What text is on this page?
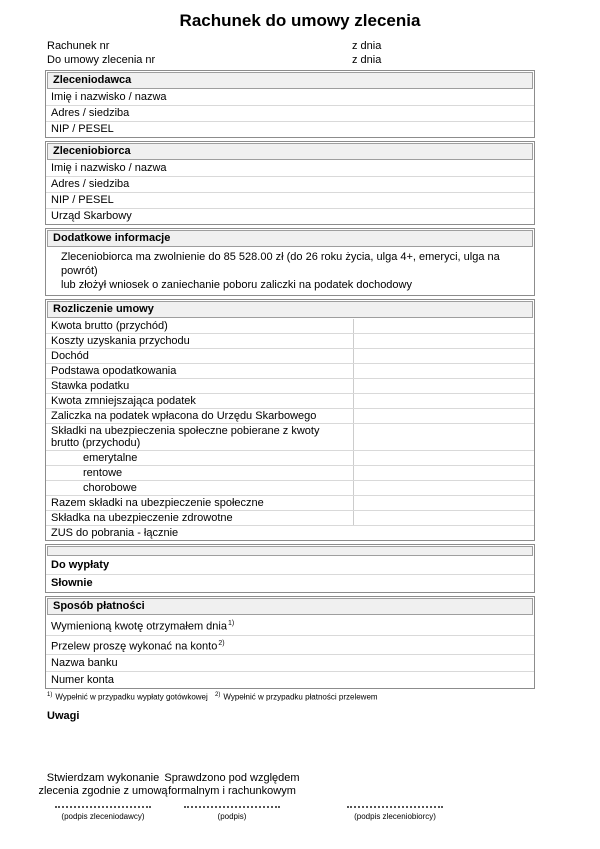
Rachunek do umowy zlecenia
Rachunek nr	z dnia
Do umowy zlecenia nr	z dnia
Zleceniodawca
Imię i nazwisko / nazwa
Adres / siedziba
NIP / PESEL
Zleceniobiorca
Imię i nazwisko / nazwa
Adres / siedziba
NIP / PESEL
Urząd Skarbowy
Dodatkowe informacje
Zleceniobiorca ma zwolnienie do 85 528.00 zł (do 26 roku życia, ulga 4+, emeryci, ulga na powrót)
lub złożył wniosek o zaniechanie poboru zaliczki na podatek dochodowy
Rozliczenie umowy
Kwota brutto (przychód)
Koszty uzyskania przychodu
Dochód
Podstawa opodatkowania
Stawka podatku
Kwota zmniejszająca podatek
Zaliczka na podatek wpłacona do Urzędu Skarbowego
Składki na ubezpieczenia społeczne pobierane z kwoty brutto (przychodu)
emerytalne
rentowe
chorobowe
Razem składki na ubezpieczenie społeczne
Składka na ubezpieczenie zdrowotne
ZUS do pobrania - łącznie
Do wypłaty
Słownie
Sposób płatności
Wymienioną kwotę otrzymałem dnia$^{1)}$
Przelew proszę wykonać na konto$^{2)}$
Nazwa banku
Numer konta
$^{1)}$ Wypełnić w przypadku wypłaty gotówkowej $^{2)}$ Wypełnić w przypadku płatności przelewem
Uwagi
Stwierdzam wykonanie
zlecenia zgodnie z umową
(podpis zleceniodawcy)
Sprawdzono pod względem
formalnym i rachunkowym
(podpis)	(podpis zleceniobiorcy)
